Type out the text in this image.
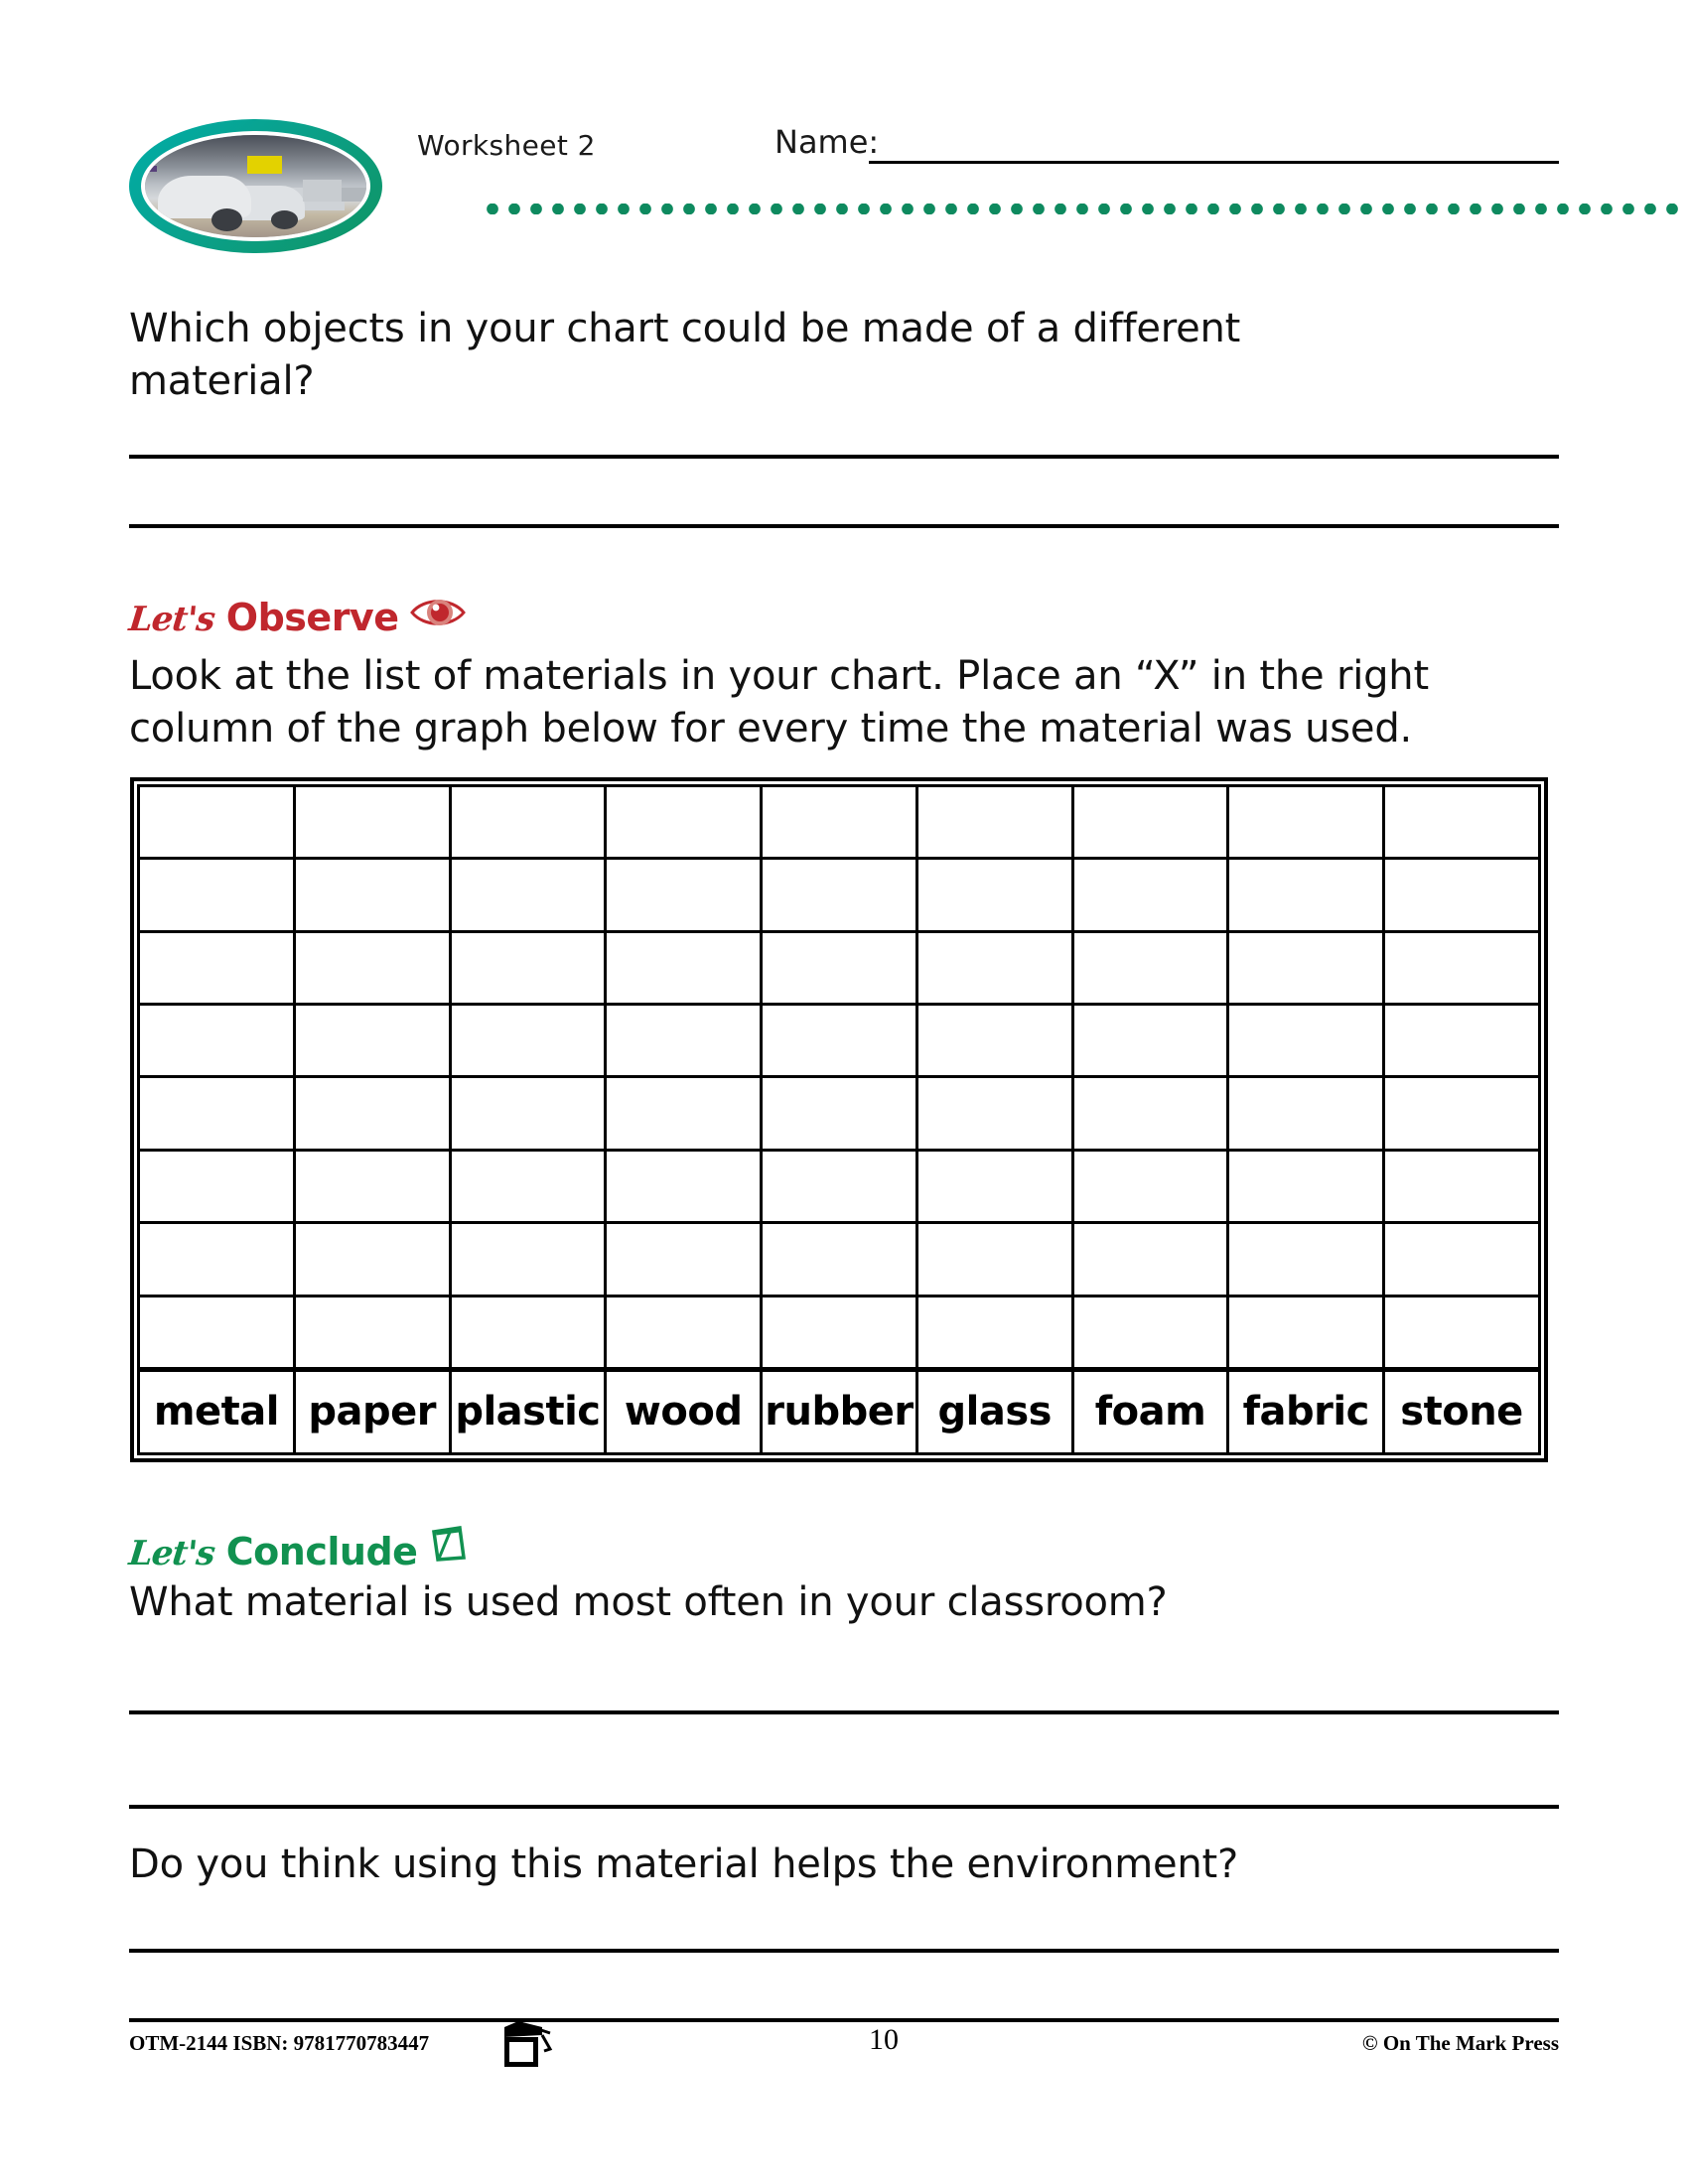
Worksheet 2	Name:
Which objects in your chart could be made of a different material?
Let's Observe
Look at the list of materials in your chart. Place an “X” in the right
column of the graph below for every time the material was used.

metal	paper	plastic	wood	rubber	glass	foam	fabric	stone
Let's Conclude
What material is used most often in your classroom?
Do you think using this material helps the environment?
OTM-2144 ISBN: 9781770783447	10	© On The Mark Press
